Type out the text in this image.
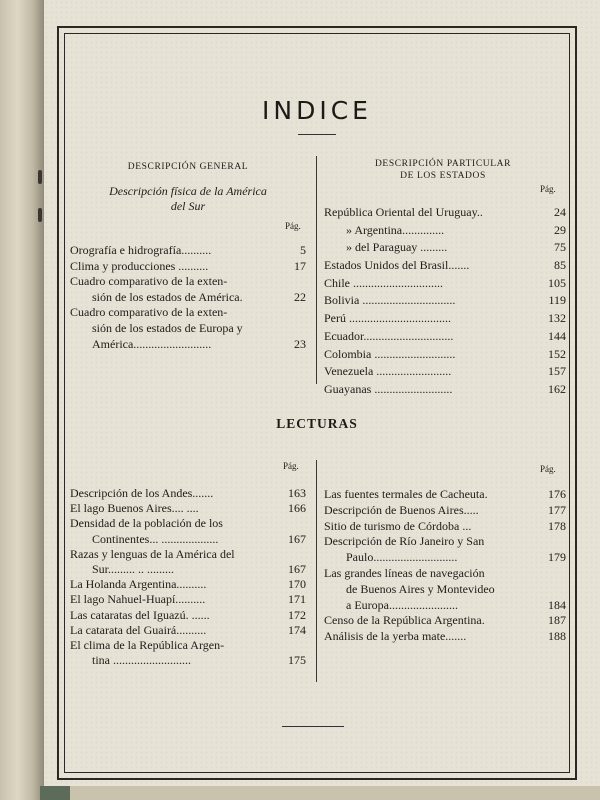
INDICE
DESCRIPCIÓN GENERAL
Descripción física de la América
del Sur
Pág.
DESCRIPCIÓN PARTICULAR
DE LOS ESTADOS
Pág.
Orografía e hidrografía..........	5
Clima y producciones ..........	17
Cuadro comparativo de la exten-
sión de los estados de América.	22
Cuadro comparativo de la exten-
sión de los estados de Europa y
América..........................	23
República Oriental del Uruguay..	24
» Argentina..............	29
» del Paraguay .........	75
Estados Unidos del Brasil.......	85
Chile ..............................	105
Bolivia ...............................	119
Perú ..................................	132
Ecuador..............................	144
Colombia ...........................	152
Venezuela .........................	157
Guayanas ..........................	162
LECTURAS
Pág.	Pág.
Descripción de los Andes.......	163
El lago Buenos Aires.... ....	166
Densidad de la población de los
Continentes... ...................	167
Razas y lenguas de la América del
Sur......... .. .........	167
La Holanda Argentina..........	170
El lago Nahuel-Huapí..........	171
Las cataratas del Iguazú. ......	172
La catarata del Guairá..........	174
El clima de la República Argen-
tina ..........................	175
Las fuentes termales de Cacheuta.	176
Descripción de Buenos Aires.....	177
Sitio de turismo de Córdoba ...	178
Descripción de Río Janeiro y San
Paulo............................	179
Las grandes líneas de navegación
de Buenos Aires y Montevideo
a Europa.......................	184
Censo de la República Argentina.	187
Análisis de la yerba mate.......	188
